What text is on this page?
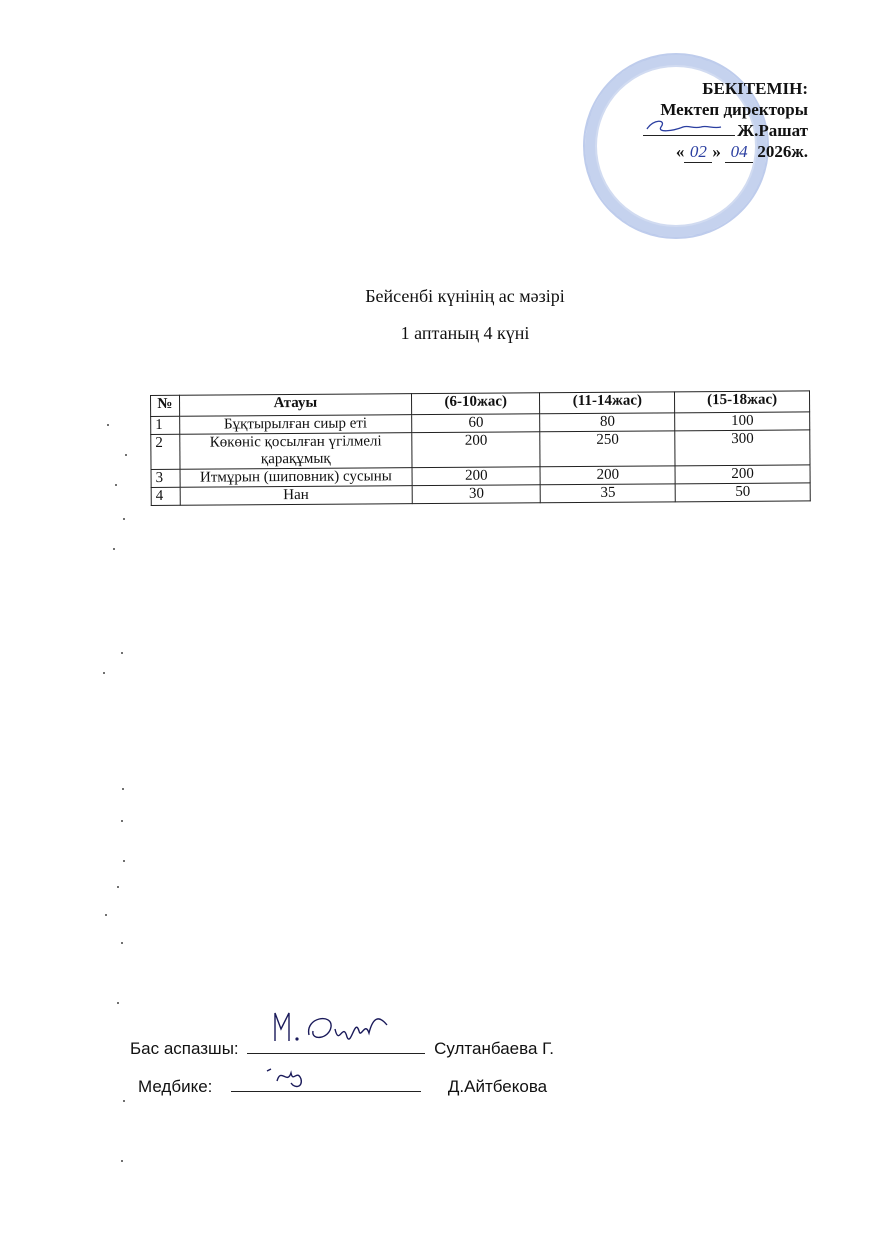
БЕКІТЕМІН:
Мектеп директоры
Ж.Рашат
« 02 » 04 2026ж.
Бейсенбі күнінің ас мәзірі
1 аптаның 4 күні
№	Атауы	(6-10жас)	(11-14жас)	(15-18жас)
1	Бұқтырылған сиыр еті	60	80	100
2	Көкөніс қосылған үгілмелі қарақұмық	200	250	300
3	Итмұрын (шиповник) сусыны	200	200	200
4	Нан	30	35	50
Бас аспазшы:	Султанбаева Г.
Медбике:	Д.Айтбекова
